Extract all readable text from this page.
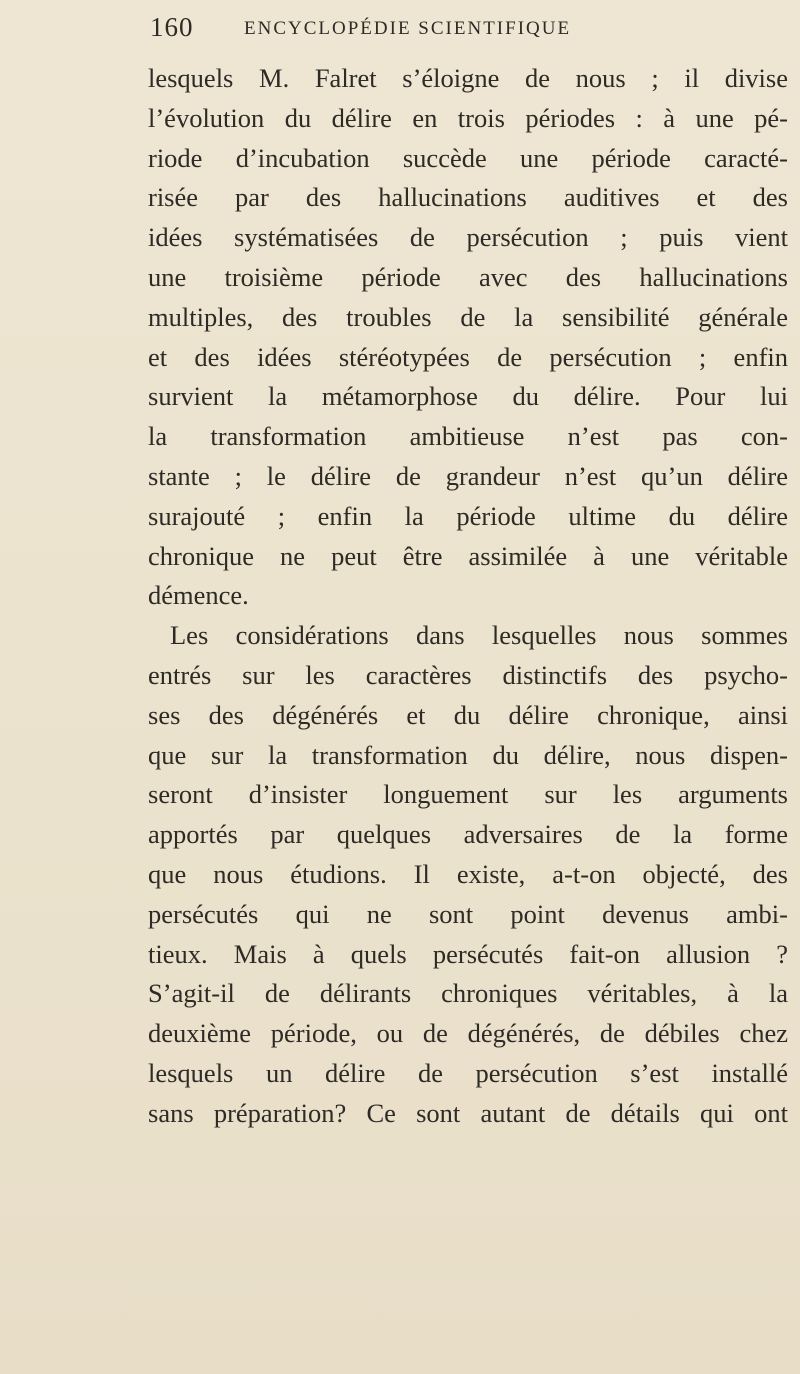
160	ENCYCLOPÉDIE SCIENTIFIQUE
lesquels M. Falret s’éloigne de nous ; il divise
l’évolution du délire en trois périodes : à une pé-
riode d’incubation succède une période caracté-
risée par des hallucinations auditives et des
idées systématisées de persécution ; puis vient
une troisième période avec des hallucinations
multiples, des troubles de la sensibilité générale
et des idées stéréotypées de persécution ; enfin
survient la métamorphose du délire. Pour lui
la transformation ambitieuse n’est pas con-
stante ; le délire de grandeur n’est qu’un délire
surajouté ; enfin la période ultime du délire
chronique ne peut être assimilée à une véritable
démence.
Les considérations dans lesquelles nous sommes
entrés sur les caractères distinctifs des psycho-
ses des dégénérés et du délire chronique, ainsi
que sur la transformation du délire, nous dispen-
seront d’insister longuement sur les arguments
apportés par quelques adversaires de la forme
que nous étudions. Il existe, a-t-on objecté, des
persécutés qui ne sont point devenus ambi-
tieux. Mais à quels persécutés fait-on allusion ?
S’agit-il de délirants chroniques véritables, à la
deuxième période, ou de dégénérés, de débiles chez
lesquels un délire de persécution s’est installé
sans préparation? Ce sont autant de détails qui ont
